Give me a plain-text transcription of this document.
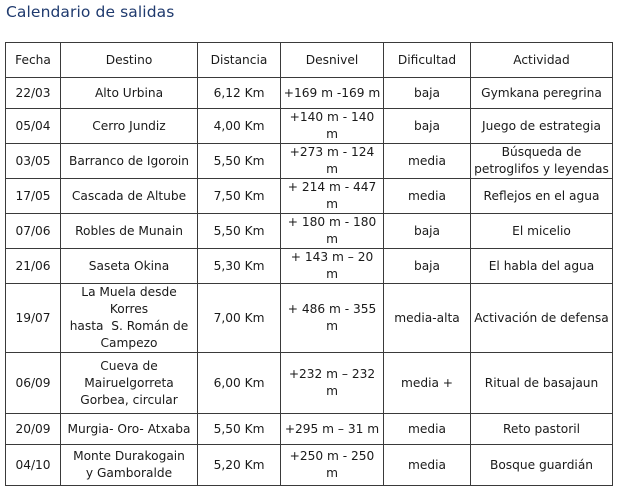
Calendario de salidas
Fecha	Destino	Distancia	Desnivel	Dificultad	Actividad
22/03	Alto Urbina	6,12 Km	+169 m -169 m	baja	Gymkana peregrina

05/04	Cerro Jundiz	4,00 Km	+140 m - 140 m	baja	Juego de estrategia

03/05	Barranco de Igoroin	5,50 Km	+273 m - 124 m	media	Búsqueda de
petroglifos y leyendas

17/05	Cascada de Altube	7,50 Km	+ 214 m - 447 m	media	Reflejos en el agua

07/06	Robles de Munain	5,50 Km	+ 180 m - 180 m	baja	El micelio

21/06	Saseta Okina	5,30 Km	+ 143 m – 20 m	baja	El habla del agua

19/07	La Muela desde Korres
hasta  S. Román de
Campezo	7,00 Km	+ 486 m - 355 m	media-alta	Activación de defensa

06/09	Cueva de
Mairuelgorreta
Gorbea, circular	6,00 Km	+232 m – 232 m	media +	Ritual de basajaun

20/09	Murgia- Oro- Atxaba	5,50 Km	+295 m – 31 m	media	Reto pastoril

04/10	Monte Durakogain
y Gamboralde	5,20 Km	+250 m - 250 m	media	Bosque guardián
